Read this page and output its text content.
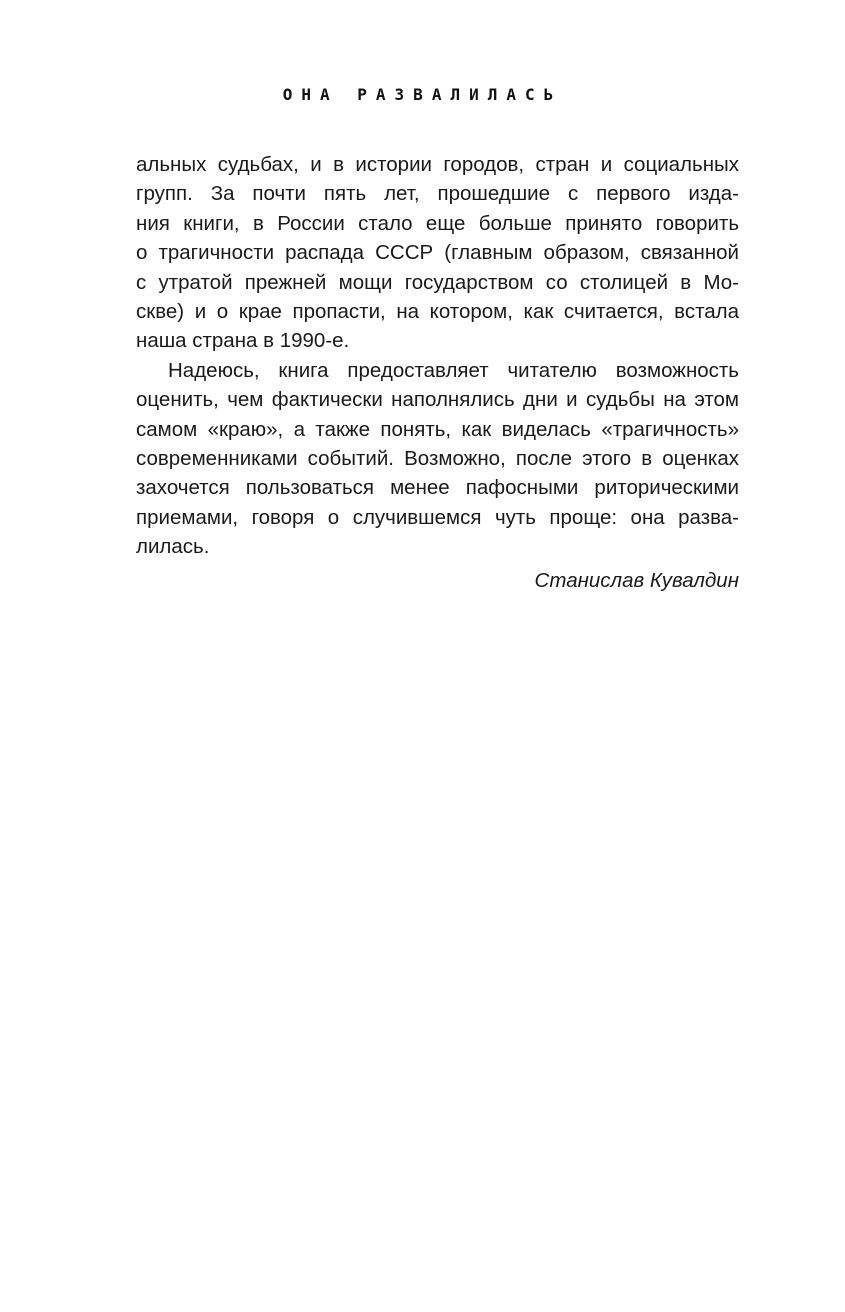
ОНА РАЗВАЛИЛАСЬ
альных судьбах, и в истории городов, стран и социальных
групп. За почти пять лет, прошедшие с первого изда-
ния книги, в России стало еще больше принято говорить
о трагичности распада СССР (главным образом, связанной
с утратой прежней мощи государством со столицей в Мо-
скве) и о крае пропасти, на котором, как считается, встала
наша страна в 1990-е.
Надеюсь, книга предоставляет читателю возможность
оценить, чем фактически наполнялись дни и судьбы на этом
самом «краю», а также понять, как виделась «трагичность»
современниками событий. Возможно, после этого в оценках
захочется пользоваться менее пафосными риторическими
приемами, говоря о случившемся чуть проще: она разва-
лилась.
Станислав Кувалдин
